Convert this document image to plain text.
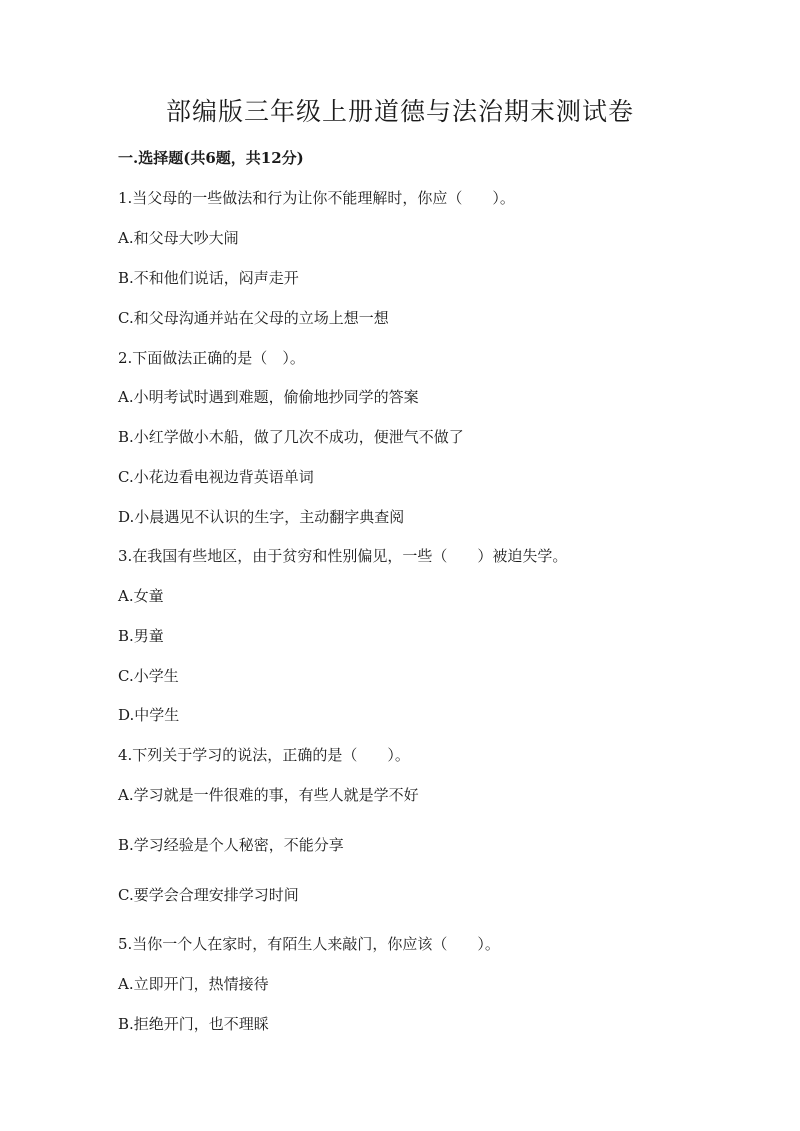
部编版三年级上册道德与法治期末测试卷
一.选择题(共6题，共12分)
1.当父母的一些做法和行为让你不能理解时，你应（　　）。
A.和父母大吵大闹
B.不和他们说话，闷声走开
C.和父母沟通并站在父母的立场上想一想
2.下面做法正确的是（　）。
A.小明考试时遇到难题，偷偷地抄同学的答案
B.小红学做小木船，做了几次不成功，便泄气不做了
C.小花边看电视边背英语单词
D.小晨遇见不认识的生字，主动翻字典查阅
3.在我国有些地区，由于贫穷和性别偏见，一些（　　）被迫失学。
A.女童
B.男童
C.小学生
D.中学生
4.下列关于学习的说法，正确的是（　　）。
A.学习就是一件很难的事，有些人就是学不好
B.学习经验是个人秘密，不能分享
C.要学会合理安排学习时间
5.当你一个人在家时，有陌生人来敲门，你应该（　　）。
A.立即开门，热情接待
B.拒绝开门，也不理睬
